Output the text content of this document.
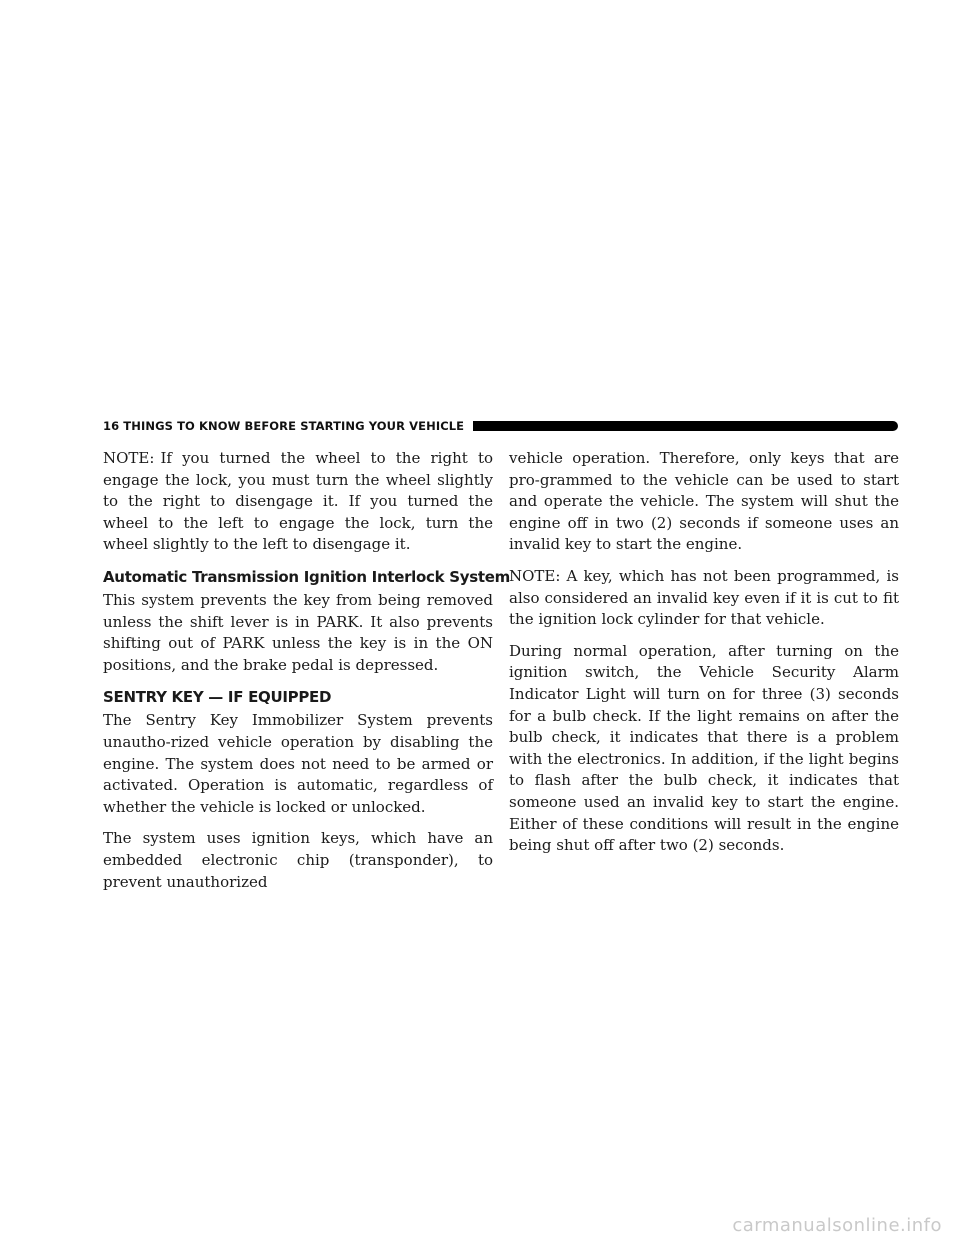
16 THINGS TO KNOW BEFORE STARTING YOUR VEHICLE

NOTE: If you turned the wheel to the right to engage the lock, you must turn the wheel slightly to the right to disengage it. If you turned the wheel to the left to engage the lock, turn the wheel slightly to the left to disengage it.

Automatic Transmission Ignition Interlock System

This system prevents the key from being removed unless the shift lever is in PARK. It also prevents shifting out of PARK unless the key is in the ON positions, and the brake pedal is depressed.

SENTRY KEY — IF EQUIPPED

The Sentry Key Immobilizer System prevents unautho-rized vehicle operation by disabling the engine. The system does not need to be armed or activated. Operation is automatic, regardless of whether the vehicle is locked or unlocked.

The system uses ignition keys, which have an embedded electronic chip (transponder), to prevent unauthorized

vehicle operation. Therefore, only keys that are pro-grammed to the vehicle can be used to start and operate the vehicle. The system will shut the engine off in two (2) seconds if someone uses an invalid key to start the engine.

NOTE: A key, which has not been programmed, is also considered an invalid key even if it is cut to fit the ignition lock cylinder for that vehicle.

During normal operation, after turning on the ignition switch, the Vehicle Security Alarm Indicator Light will turn on for three (3) seconds for a bulb check. If the light remains on after the bulb check, it indicates that there is a problem with the electronics. In addition, if the light begins to flash after the bulb check, it indicates that someone used an invalid key to start the engine. Either of these conditions will result in the engine being shut off after two (2) seconds.

carmanualsonline.info
